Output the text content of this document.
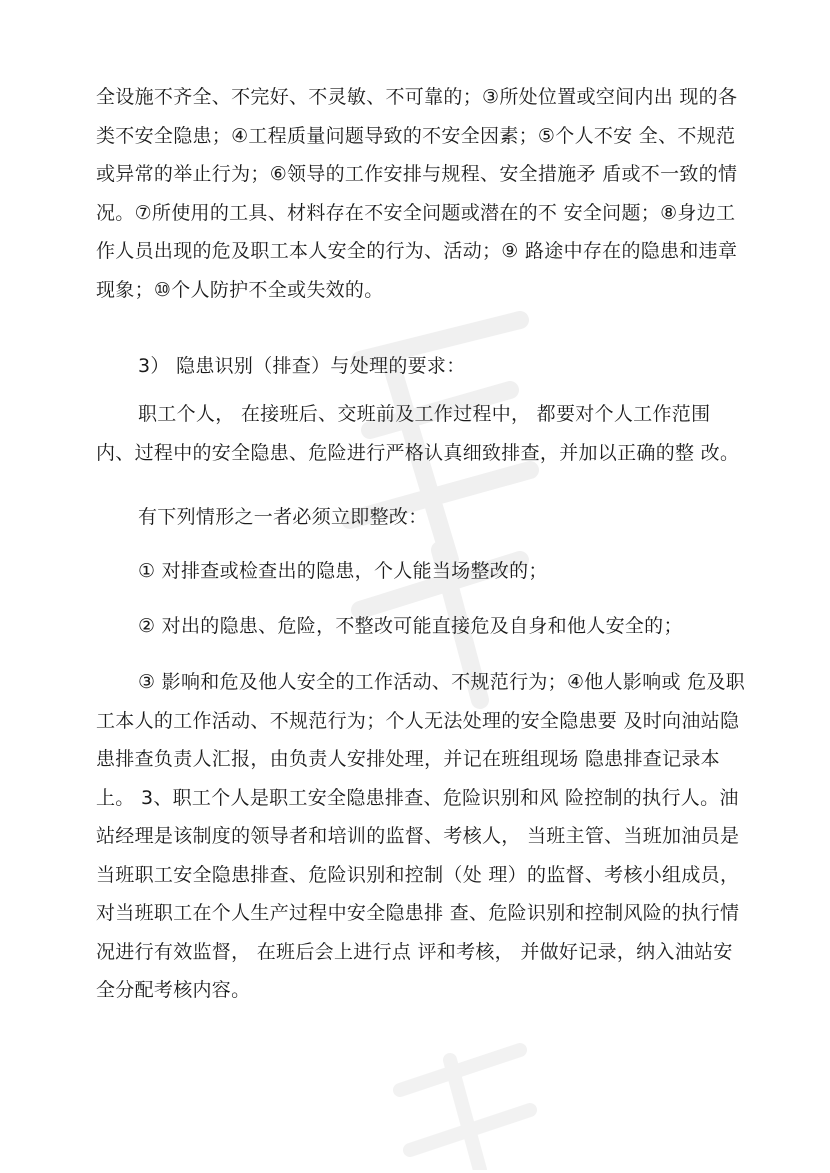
全设施不齐全、不完好、不灵敏、不可靠的；③所处位置或空间内出 现的各类不安全隐患；④工程质量问题导致的不安全因素；⑤个人不安 全、不规范或异常的举止行为；⑥领导的工作安排与规程、安全措施矛 盾或不一致的情况。⑦所使用的工具、材料存在不安全问题或潜在的不 安全问题；⑧身边工作人员出现的危及职工本人安全的行为、活动；⑨ 路途中存在的隐患和违章现象；⑩个人防护不全或失效的。

3） 隐患识别（排查）与处理的要求：

职工个人， 在接班后、交班前及工作过程中， 都要对个人工作范围 内、过程中的安全隐患、危险进行严格认真细致排查，并加以正确的整 改。

有下列情形之一者必须立即整改：

① 对排查或检查出的隐患，个人能当场整改的；

② 对出的隐患、危险，不整改可能直接危及自身和他人安全的；

③ 影响和危及他人安全的工作活动、不规范行为；④他人影响或 危及职工本人的工作活动、不规范行为；个人无法处理的安全隐患要 及时向油站隐患排查负责人汇报，由负责人安排处理，并记在班组现场 隐患排查记录本上。 3、职工个人是职工安全隐患排查、危险识别和风 险控制的执行人。油站经理是该制度的领导者和培训的监督、考核人， 当班主管、当班加油员是当班职工安全隐患排查、危险识别和控制（处 理）的监督、考核小组成员，对当班职工在个人生产过程中安全隐患排 查、危险识别和控制风险的执行情况进行有效监督， 在班后会上进行点 评和考核， 并做好记录，纳入油站安全分配考核内容。
